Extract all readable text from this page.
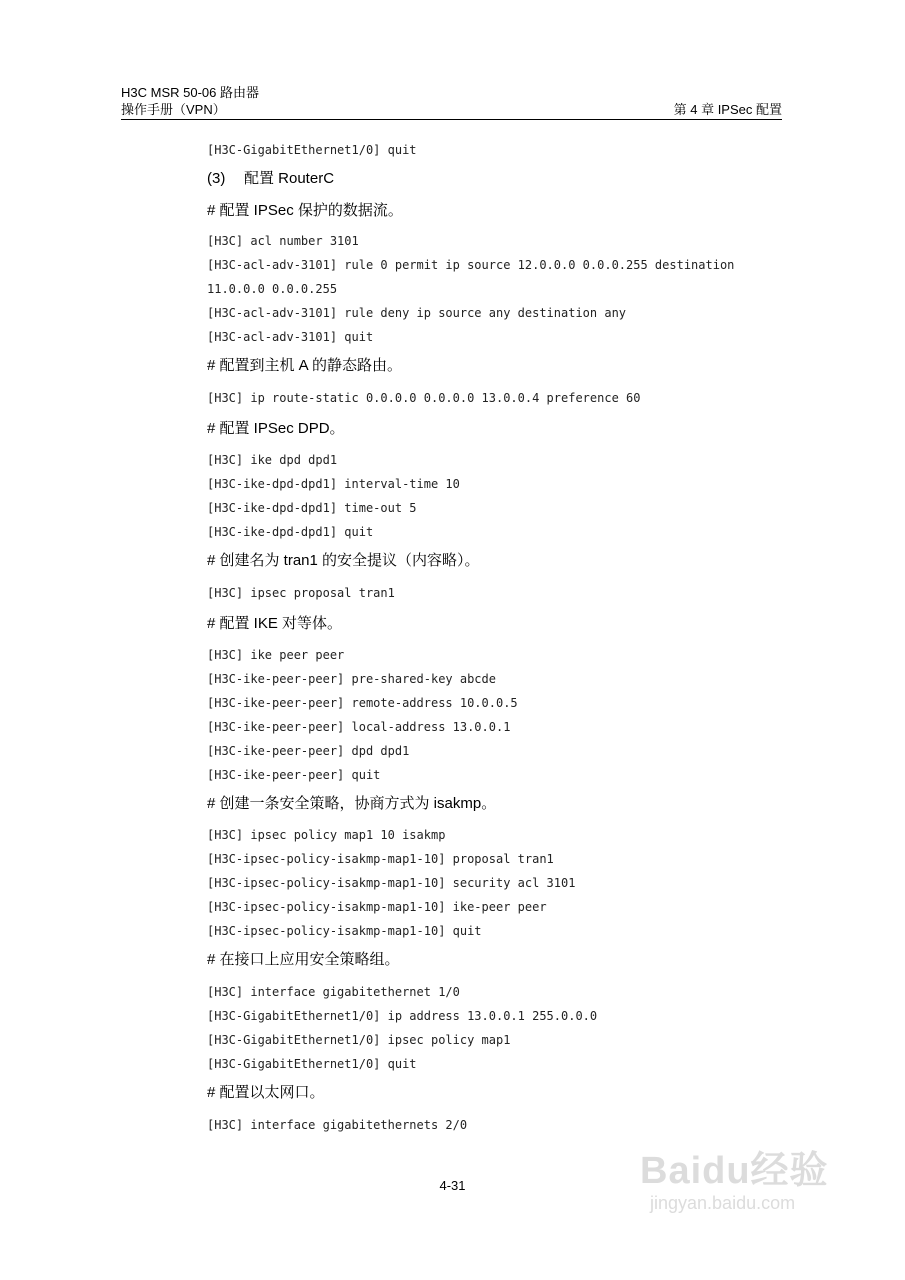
H3C MSR 50-06 路由器
操作手册（VPN）	第 4 章 IPSec 配置
[H3C-GigabitEthernet1/0] quit
(3) 配置 RouterC
# 配置 IPSec 保护的数据流。
[H3C] acl number 3101
[H3C-acl-adv-3101] rule 0 permit ip source 12.0.0.0 0.0.0.255 destination
11.0.0.0 0.0.0.255
[H3C-acl-adv-3101] rule deny ip source any destination any
[H3C-acl-adv-3101] quit
# 配置到主机 A 的静态路由。
[H3C] ip route-static 0.0.0.0 0.0.0.0 13.0.0.4 preference 60
# 配置 IPSec DPD。
[H3C] ike dpd dpd1
[H3C-ike-dpd-dpd1] interval-time 10
[H3C-ike-dpd-dpd1] time-out 5
[H3C-ike-dpd-dpd1] quit
# 创建名为 tran1 的安全提议（内容略）。
[H3C] ipsec proposal tran1
# 配置 IKE 对等体。
[H3C] ike peer peer
[H3C-ike-peer-peer] pre-shared-key abcde
[H3C-ike-peer-peer] remote-address 10.0.0.5
[H3C-ike-peer-peer] local-address 13.0.0.1
[H3C-ike-peer-peer] dpd dpd1
[H3C-ike-peer-peer] quit
# 创建一条安全策略，协商方式为 isakmp。
[H3C] ipsec policy map1 10 isakmp
[H3C-ipsec-policy-isakmp-map1-10] proposal tran1
[H3C-ipsec-policy-isakmp-map1-10] security acl 3101
[H3C-ipsec-policy-isakmp-map1-10] ike-peer peer
[H3C-ipsec-policy-isakmp-map1-10] quit
# 在接口上应用安全策略组。
[H3C] interface gigabitethernet 1/0
[H3C-GigabitEthernet1/0] ip address 13.0.0.1 255.0.0.0
[H3C-GigabitEthernet1/0] ipsec policy map1
[H3C-GigabitEthernet1/0] quit
# 配置以太网口。
[H3C] interface gigabitethernets 2/0
4-31	Baidu经验
jingyan.baidu.com
